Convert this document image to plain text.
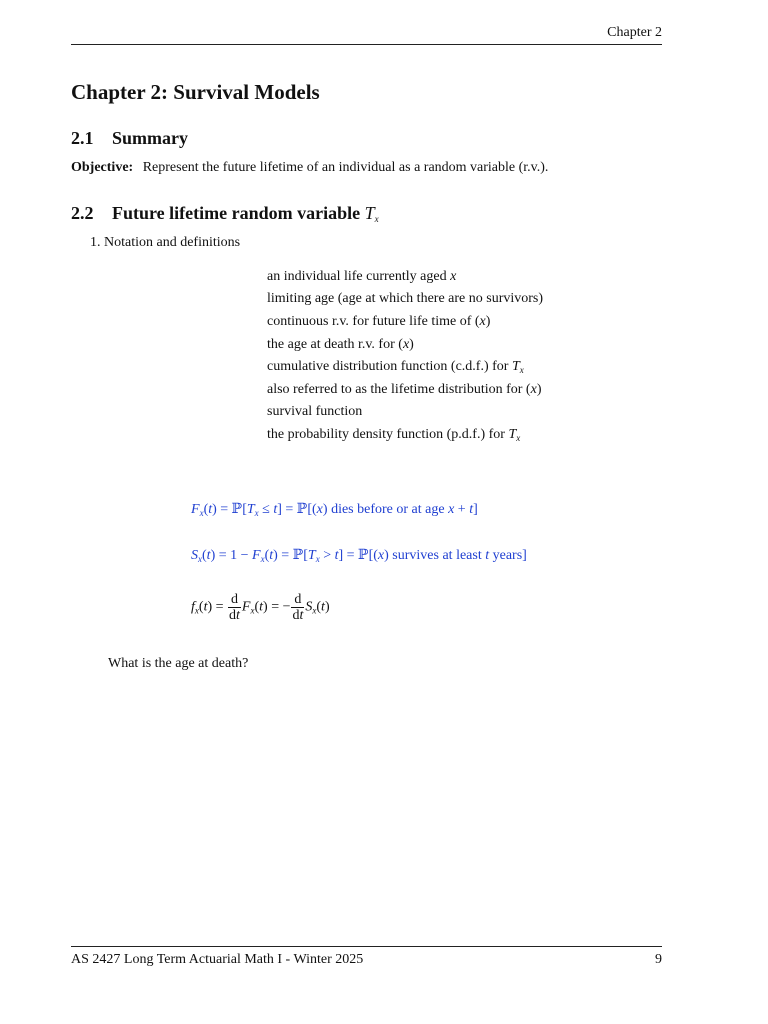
Chapter 2
Chapter 2: Survival Models
2.1 Summary
Objective: Represent the future lifetime of an individual as a random variable (r.v.).
2.2 Future lifetime random variable $T_x$
1. Notation and definitions
an individual life currently aged x
limiting age (age at which there are no survivors)
continuous r.v. for future life time of (x)
the age at death r.v. for (x)
cumulative distribution function (c.d.f.) for $T_x$
also referred to as the lifetime distribution for (x)
survival function
the probability density function (p.d.f.) for $T_x$
$F_x(t)$ = $ℙ[T_x \le t]$ = ℙ[(x) dies before or at age x + t]
$S_x(t) = 1 - F_x(t)$ = $ℙ[T_x > t]$ = ℙ[(x) survives at least t years]
$f_x(t) = \frac{d}{dt} F_x(t)$ = − $\frac{d}{dt} S_x(t)$
What is the age at death?
AS 2427 Long Term Actuarial Math I - Winter 2025	9
